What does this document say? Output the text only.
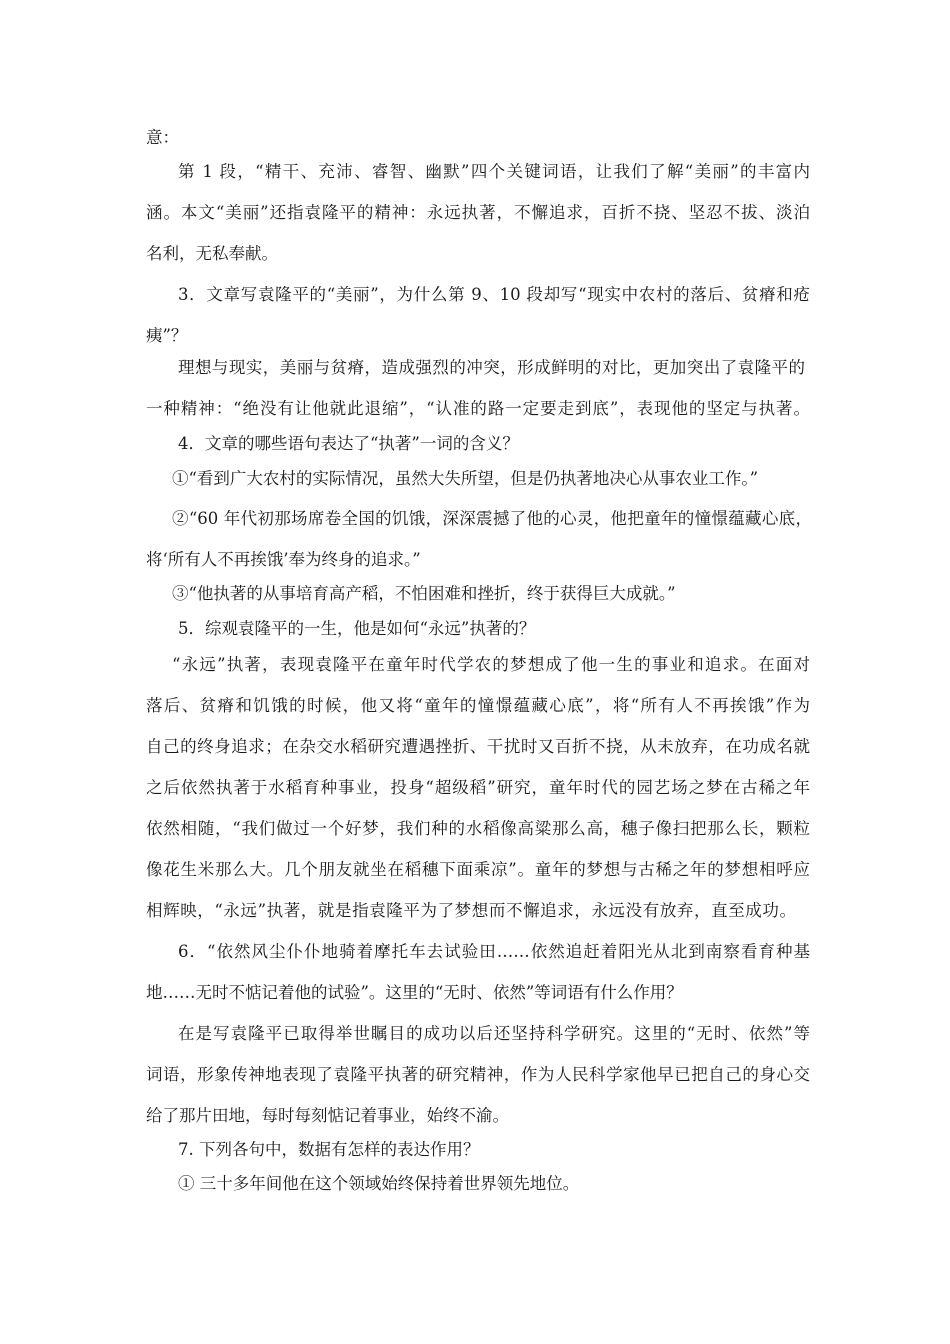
意：
第 1 段，“精干、充沛、睿智、幽默”四个关键词语，让我们了解“美丽”的丰富内
涵。本文“美丽”还指袁隆平的精神：永远执著，不懈追求，百折不挠、坚忍不拔、淡泊
名利，无私奉献。
3．文章写袁隆平的“美丽”，为什么第 9、10 段却写“现实中农村的落后、贫瘠和疮
痍”？
理想与现实，美丽与贫瘠，造成强烈的冲突，形成鲜明的对比，更加突出了袁隆平的
一种精神：“绝没有让他就此退缩”，“认准的路一定要走到底”，表现他的坚定与执著。
4．文章的哪些语句表达了“执著”一词的含义？
①“看到广大农村的实际情况，虽然大失所望，但是仍执著地决心从事农业工作。”
②“60 年代初那场席卷全国的饥饿，深深震撼了他的心灵，他把童年的憧憬蕴藏心底，
将‘所有人不再挨饿’奉为终身的追求。”
③“他执著的从事培育高产稻，不怕困难和挫折，终于获得巨大成就。”
5．综观袁隆平的一生，他是如何“永远”执著的？
“永远”执著，表现袁隆平在童年时代学农的梦想成了他一生的事业和追求。在面对
落后、贫瘠和饥饿的时候，他又将“童年的憧憬蕴藏心底”，将“所有人不再挨饿”作为
自己的终身追求；在杂交水稻研究遭遇挫折、干扰时又百折不挠，从未放弃，在功成名就
之后依然执著于水稻育种事业，投身“超级稻”研究，童年时代的园艺场之梦在古稀之年
依然相随，“我们做过一个好梦，我们种的水稻像高粱那么高，穗子像扫把那么长，颗粒
像花生米那么大。几个朋友就坐在稻穗下面乘凉”。童年的梦想与古稀之年的梦想相呼应
相辉映，“永远”执著，就是指袁隆平为了梦想而不懈追求，永远没有放弃，直至成功。
6．“依然风尘仆仆地骑着摩托车去试验田……依然追赶着阳光从北到南察看育种基
地……无时不惦记着他的试验”。这里的“无时、依然”等词语有什么作用？
在是写袁隆平已取得举世瞩目的成功以后还坚持科学研究。这里的“无时、依然”等
词语，形象传神地表现了袁隆平执著的研究精神，作为人民科学家他早已把自己的身心交
给了那片田地，每时每刻惦记着事业，始终不渝。
7. 下列各句中，数据有怎样的表达作用？
① 三十多年间他在这个领域始终保持着世界领先地位。
